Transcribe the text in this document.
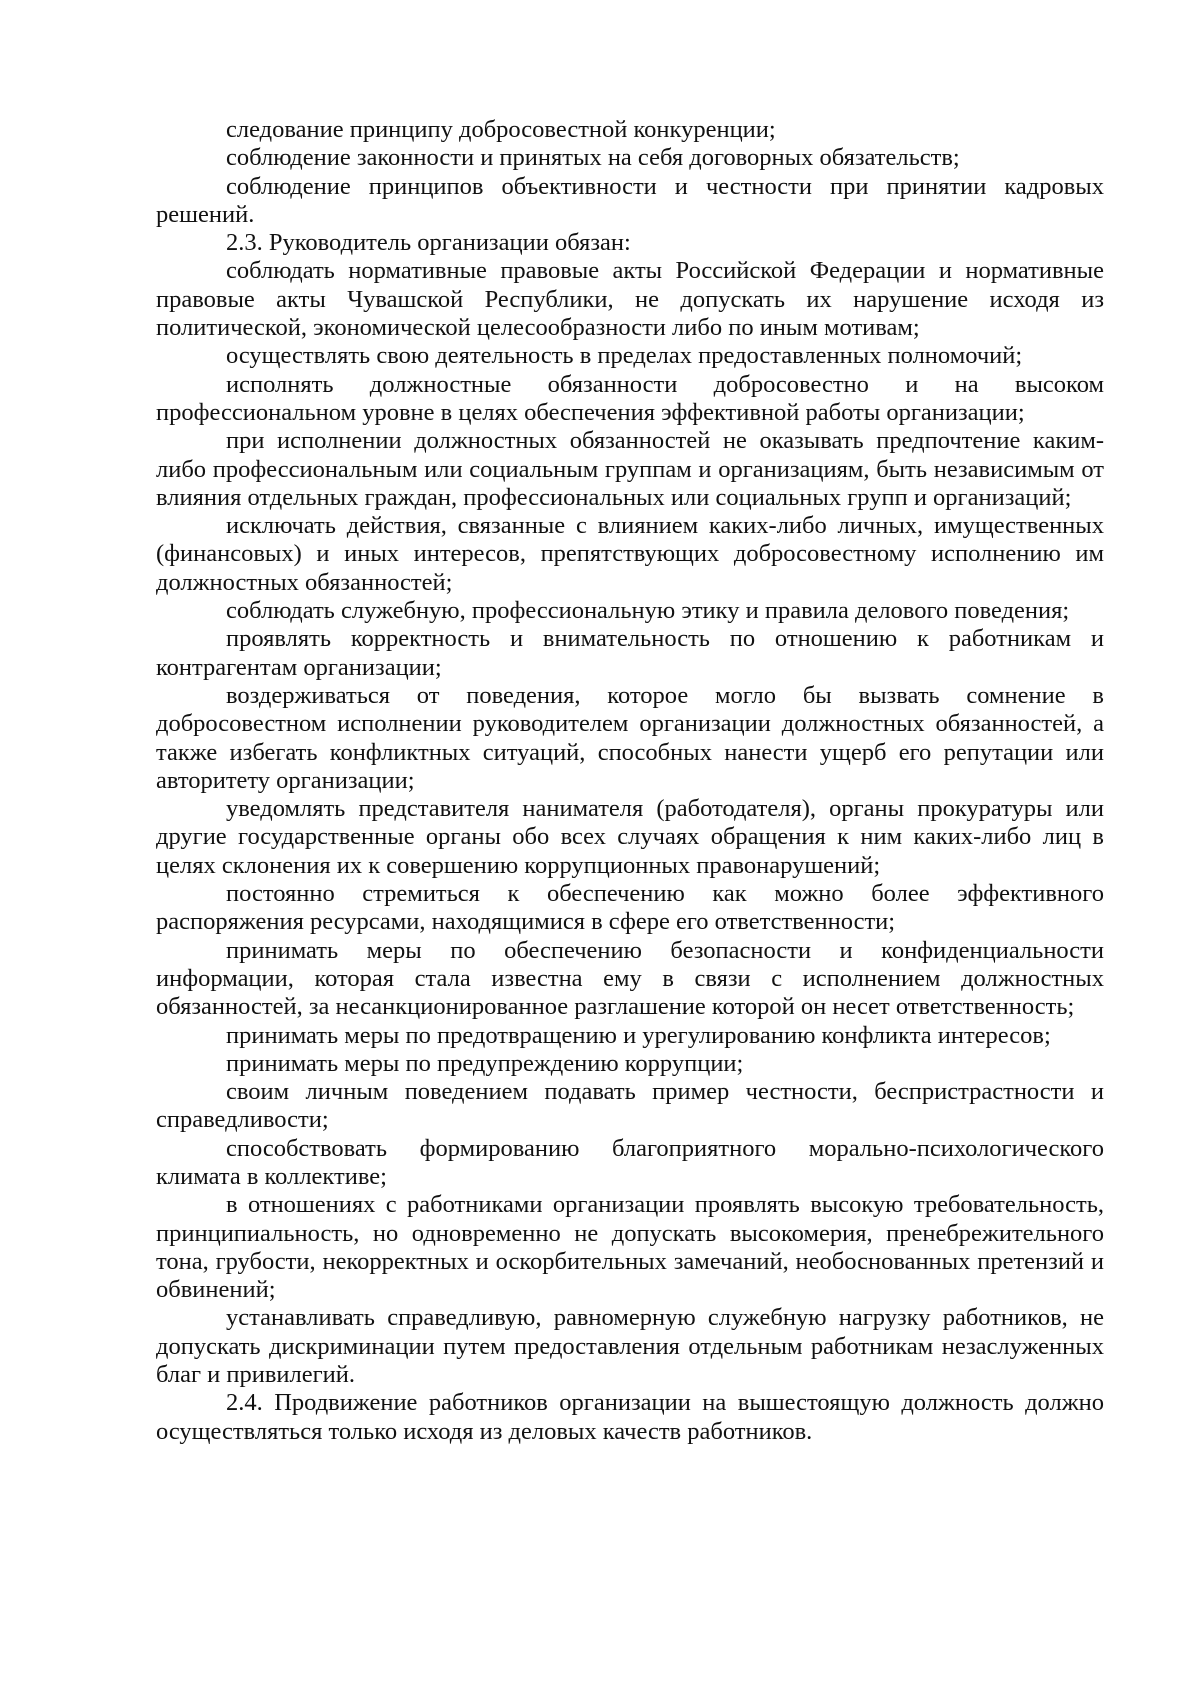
следование принципу добросовестной конкуренции;

соблюдение законности и принятых на себя договорных обязательств;

соблюдение принципов объективности и честности при принятии кадровых решений.

2.3. Руководитель организации обязан:

соблюдать нормативные правовые акты Российской Федерации и нормативные правовые акты Чувашской Республики, не допускать их нарушение исходя из политической, экономической целесообразности либо по иным мотивам;

осуществлять свою деятельность в пределах предоставленных полномочий;

исполнять должностные обязанности добросовестно и на высоком профессиональном уровне в целях обеспечения эффективной работы организации;

при исполнении должностных обязанностей не оказывать предпочтение каким-либо профессиональным или социальным группам и организациям, быть независимым от влияния отдельных граждан, профессиональных или социальных групп и организаций;

исключать действия, связанные с влиянием каких-либо личных, имущественных (финансовых) и иных интересов, препятствующих добросовестному исполнению им должностных обязанностей;

соблюдать служебную, профессиональную этику и правила делового поведения;

проявлять корректность и внимательность по отношению к работникам и контрагентам организации;

воздерживаться от поведения, которое могло бы вызвать сомнение в добросовестном исполнении руководителем организации должностных обязанностей, а также избегать конфликтных ситуаций, способных нанести ущерб его репутации или авторитету организации;

уведомлять представителя нанимателя (работодателя), органы прокуратуры или другие государственные органы обо всех случаях обращения к ним каких-либо лиц в целях склонения их к совершению коррупционных правонарушений;

постоянно стремиться к обеспечению как можно более эффективного распоряжения ресурсами, находящимися в сфере его ответственности;

принимать меры по обеспечению безопасности и конфиденциальности информации, которая стала известна ему в связи с исполнением должностных обязанностей, за несанкционированное разглашение которой он несет ответственность;

принимать меры по предотвращению и урегулированию конфликта интересов;

принимать меры по предупреждению коррупции;

своим личным поведением подавать пример честности, беспристрастности и справедливости;

способствовать формированию благоприятного морально-психологического климата в коллективе;

в отношениях с работниками организации проявлять высокую требовательность, принципиальность, но одновременно не допускать высокомерия, пренебрежительного тона, грубости, некорректных и оскорбительных замечаний, необоснованных претензий и обвинений;

устанавливать справедливую, равномерную служебную нагрузку работников, не допускать дискриминации путем предоставления отдельным работникам незаслуженных благ и привилегий.

2.4. Продвижение работников организации на вышестоящую должность должно осуществляться только исходя из деловых качеств работников.
